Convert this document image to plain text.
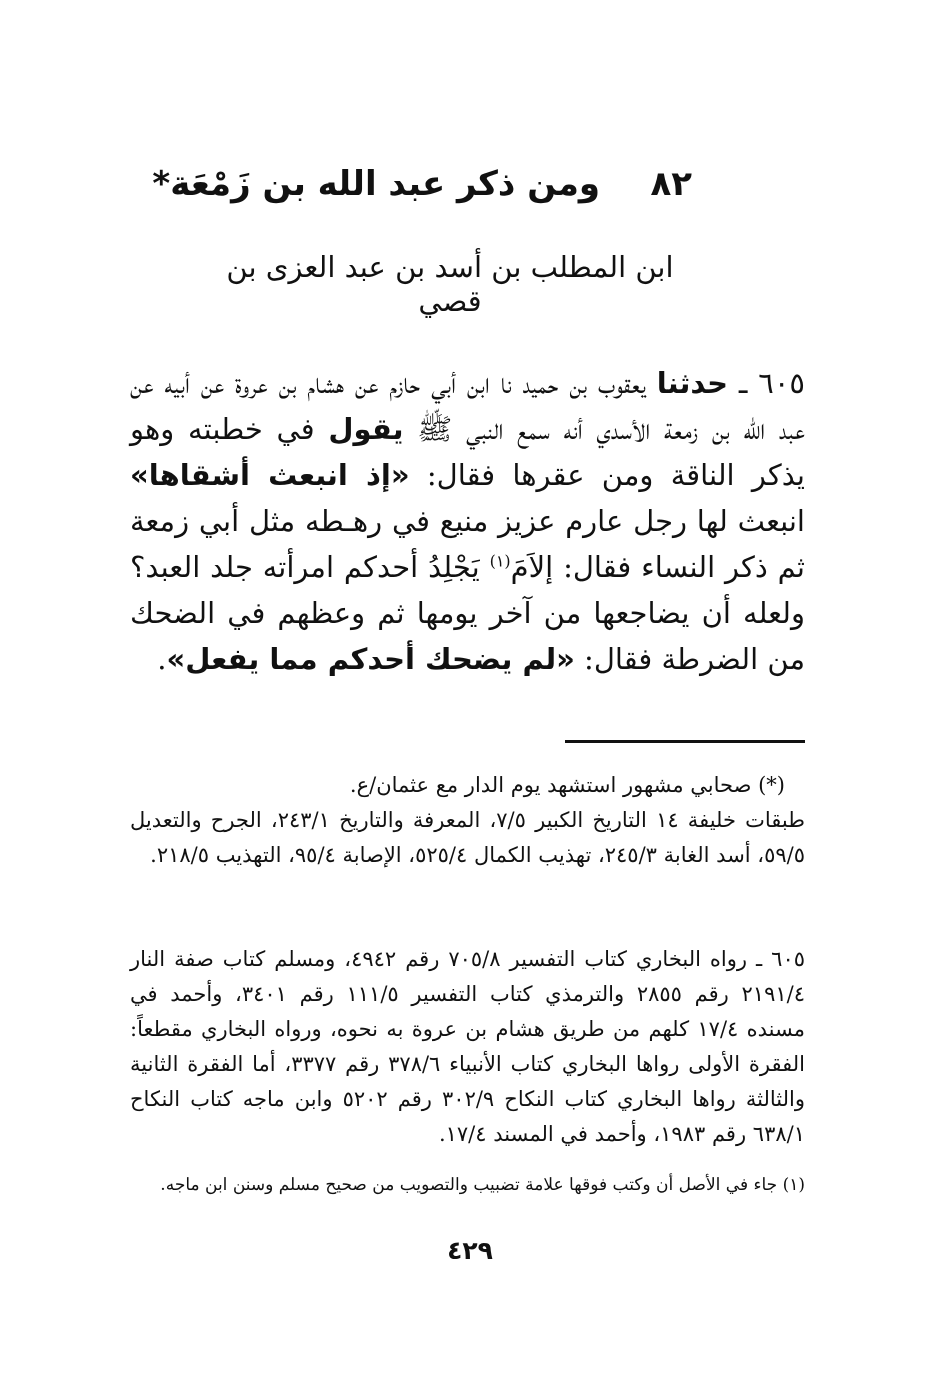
٨٢
ومن ذكر عبد الله بن زَمْعَة*
ابن المطلب بن أسد بن عبد العزى بن قصي
٦٠٥ ـ حدثنا يعقوب بن حميد نا ابن أبي حازم عن هشام بن عروة عن أبيه عن عبد الله بن زمعة الأسدي أنه سمع النبي ﷺ يقول في خطبته وهو يذكر الناقة ومن عقرها فقال: «إذ انبعث أشقاها» انبعث لها رجل عارم عزيز منيع في رهـطه مثل أبي زمعة ثم ذكر النساء فقال: إلاَمَ$^{(١)}$ يَجْلِدُ أحدكم امرأته جلد العبد؟ ولعله أن يضاجعها من آخر يومها ثم وعظهم في الضحك من الضرطة فقال: «لم يضحك أحدكم مما يفعل».
(*) صحابي مشهور استشهد يوم الدار مع عثمان/ع.
طبقات خليفة ١٤ التاريخ الكبير ٧/٥، المعرفة والتاريخ ٢٤٣/١، الجرح والتعديل ٥٩/٥، أسد الغابة ٢٤٥/٣، تهذيب الكمال ٥٢٥/٤، الإصابة ٩٥/٤، التهذيب ٢١٨/٥.
٦٠٥ ـ رواه البخاري كتاب التفسير ٧٠٥/٨ رقم ٤٩٤٢، ومسلم كتاب صفة النار ٢١٩١/٤ رقم ٢٨٥٥ والترمذي كتاب التفسير ١١١/٥ رقم ٣٤٠١، وأحمد في مسنده ١٧/٤ كلهم من طريق هشام بن عروة به نحوه، ورواه البخاري مقطعاً: الفقرة الأولى رواها البخاري كتاب الأنبياء ٣٧٨/٦ رقم ٣٣٧٧، أما الفقرة الثانية والثالثة رواها البخاري كتاب النكاح ٣٠٢/٩ رقم ٥٢٠٢ وابن ماجه كتاب النكاح ٦٣٨/١ رقم ١٩٨٣، وأحمد في المسند ١٧/٤.
(١) جاء في الأصل أن وكتب فوقها علامة تضبيب والتصويب من صحيح مسلم وسنن ابن ماجه.
٤٢٩
